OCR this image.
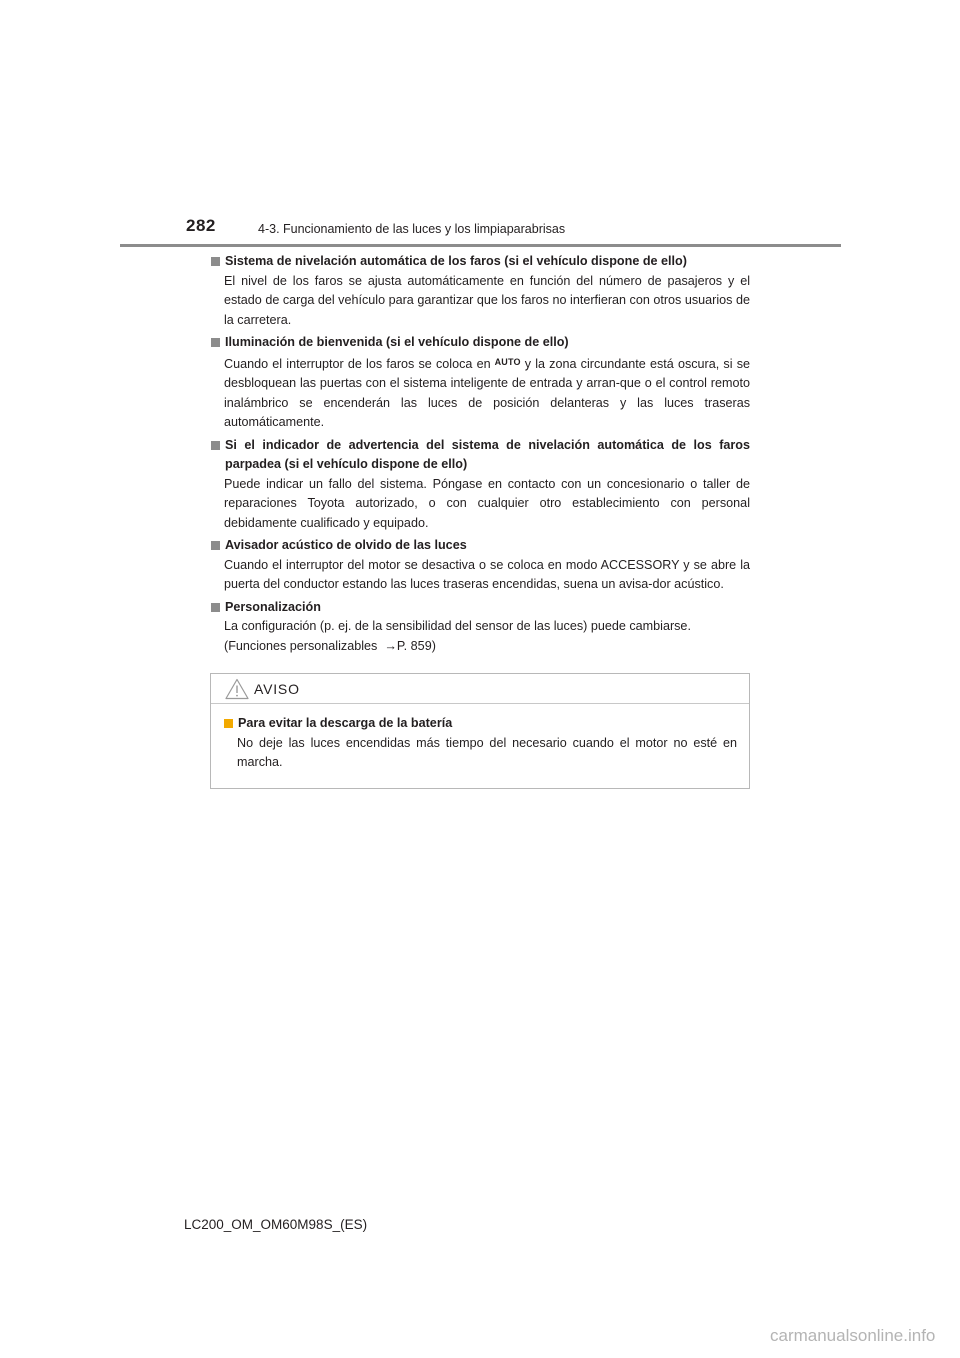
282	4-3. Funcionamiento de las luces y los limpiaparabrisas
Sistema de nivelación automática de los faros (si el vehículo dispone de ello)
El nivel de los faros se ajusta automáticamente en función del número de pasajeros y el estado de carga del vehículo para garantizar que los faros no interfieran con otros usuarios de la carretera.
Iluminación de bienvenida (si el vehículo dispone de ello)
Cuando el interruptor de los faros se coloca en AUTO y la zona circundante está oscura, si se desbloquean las puertas con el sistema inteligente de entrada y arran-que o el control remoto inalámbrico se encenderán las luces de posición delanteras y las luces traseras automáticamente.
Si el indicador de advertencia del sistema de nivelación automática de los faros parpadea (si el vehículo dispone de ello)
Puede indicar un fallo del sistema. Póngase en contacto con un concesionario o taller de reparaciones Toyota autorizado, o con cualquier otro establecimiento con personal debidamente cualificado y equipado.
Avisador acústico de olvido de las luces
Cuando el interruptor del motor se desactiva o se coloca en modo ACCESSORY y se abre la puerta del conductor estando las luces traseras encendidas, suena un avisa-dor acústico.
Personalización
La configuración (p. ej. de la sensibilidad del sensor de las luces) puede cambiarse.
(Funciones personalizables →P. 859)
AVISO
Para evitar la descarga de la batería
No deje las luces encendidas más tiempo del necesario cuando el motor no esté en marcha.
LC200_OM_OM60M98S_(ES)
carmanualsonline.info
